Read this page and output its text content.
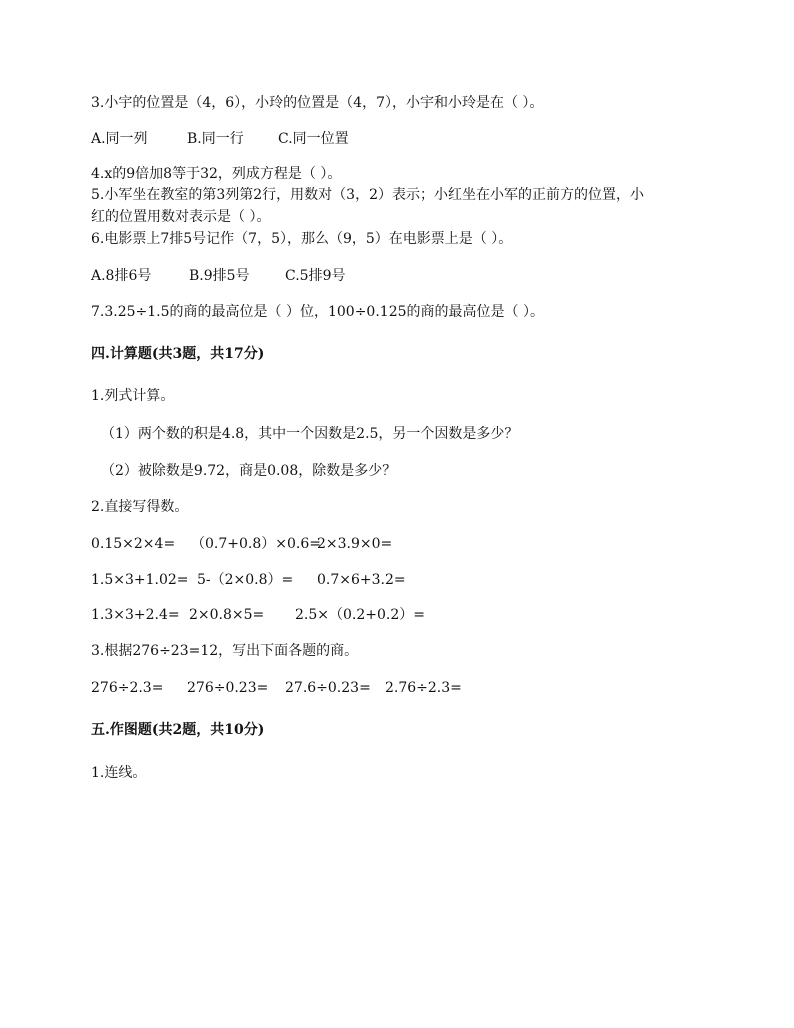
3.小宇的位置是（4，6），小玲的位置是（4，7），小宇和小玲是在（ ）。
A.同一列	B.同一行 C.同一位置
4.x的9倍加8等于32，列成方程是（ ）。
5.小军坐在教室的第3列第2行，用数对（3，2）表示；小红坐在小军的正前方的位置，小
红的位置用数对表示是（ ）。
6.电影票上7排5号记作（7，5），那么（9，5）在电影票上是（ ）。
A.8排6号	B.9排5号	C.5排9号
7.3.25÷1.5的商的最高位是（ ）位，100÷0.125的商的最高位是（ ）。
四.计算题(共3题，共17分)
1.列式计算。
（1）两个数的积是4.8，其中一个因数是2.5，另一个因数是多少？
（2）被除数是9.72，商是0.08，除数是多少？
2.直接写得数。
0.15×2×4= （0.7+0.8）×0.6=2×3.9×0=
1.5×3+1.02= 5-（2×0.8）= 0.7×6+3.2=
1.3×3+2.4= 2×0.8×5= 2.5×（0.2+0.2）=
3.根据276÷23=12，写出下面各题的商。
276÷2.3= 276÷0.23= 27.6÷0.23= 2.76÷2.3=
五.作图题(共2题，共10分)
1.连线。
